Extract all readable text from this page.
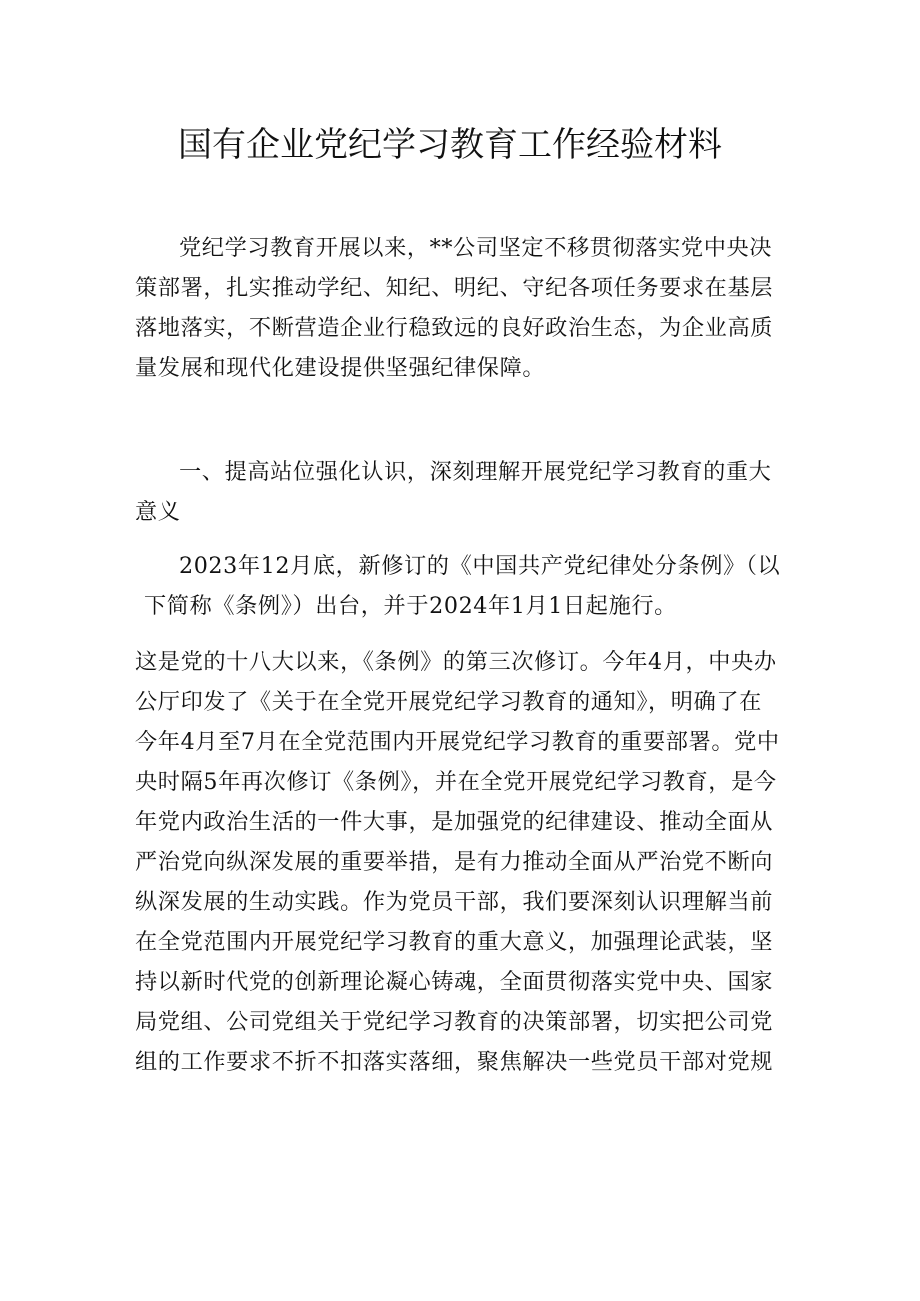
国有企业党纪学习教育工作经验材料
党纪学习教育开展以来，**公司坚定不移贯彻落实党中央决
策部署，扎实推动学纪、知纪、明纪、守纪各项任务要求在基层
落地落实，不断营造企业行稳致远的良好政治生态，为企业高质
量发展和现代化建设提供坚强纪律保障。
一、提高站位强化认识，深刻理解开展党纪学习教育的重大
意义
2023年12月底，新修订的《中国共产党纪律处分条例》（以
下简称《条例》）出台，并于2024年1月1日起施行。
这是党的十八大以来，《条例》的第三次修订。今年4月，中央办
公厅印发了《关于在全党开展党纪学习教育的通知》，明确了在
今年4月至7月在全党范围内开展党纪学习教育的重要部署。党中
央时隔5年再次修订《条例》，并在全党开展党纪学习教育，是今
年党内政治生活的一件大事，是加强党的纪律建设、推动全面从
严治党向纵深发展的重要举措，是有力推动全面从严治党不断向
纵深发展的生动实践。作为党员干部，我们要深刻认识理解当前
在全党范围内开展党纪学习教育的重大意义，加强理论武装，坚
持以新时代党的创新理论凝心铸魂，全面贯彻落实党中央、国家
局党组、公司党组关于党纪学习教育的决策部署，切实把公司党
组的工作要求不折不扣落实落细，聚焦解决一些党员干部对党规
